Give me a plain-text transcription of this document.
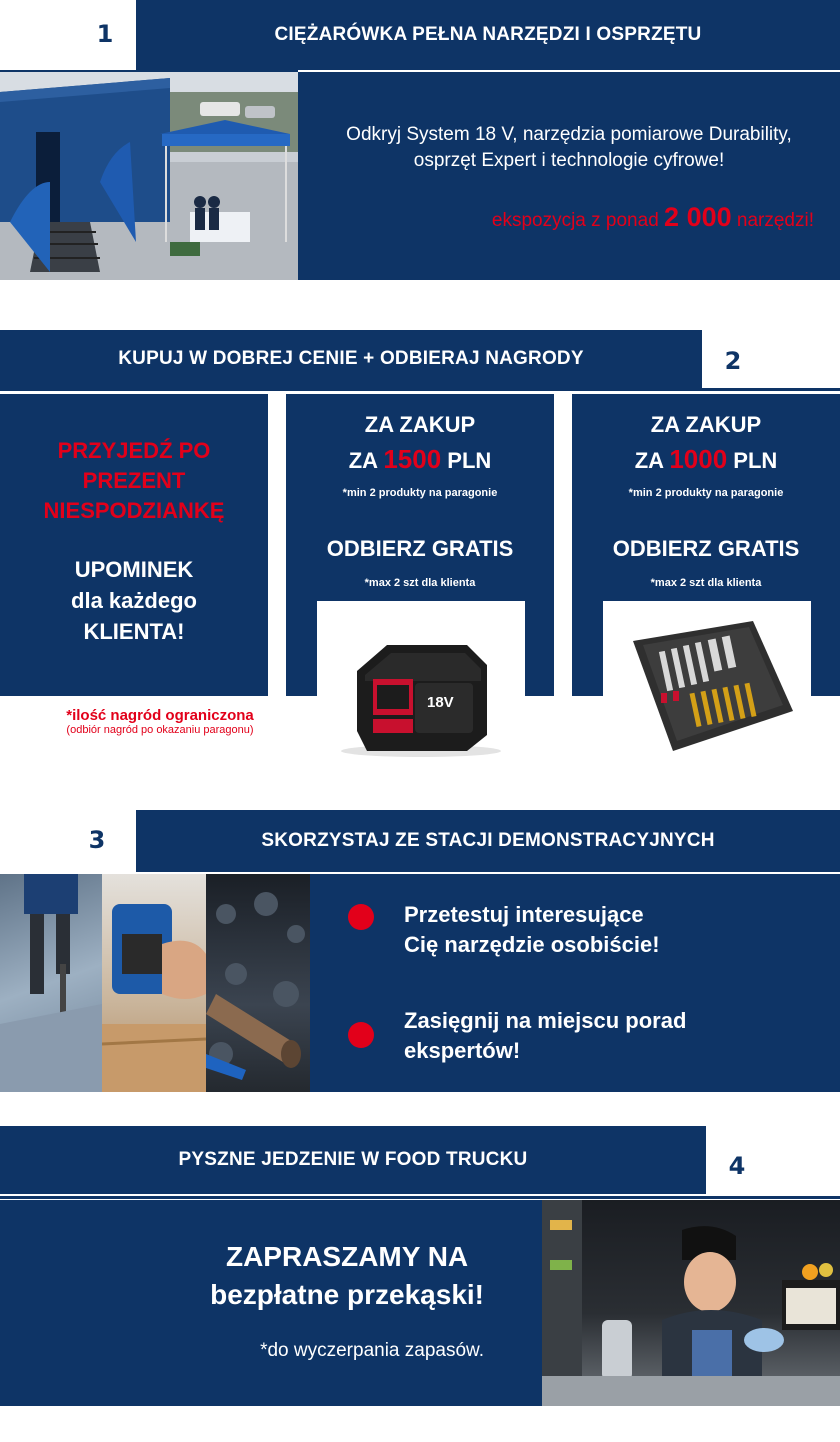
1	CIĘŻARÓWKA PEŁNA NARZĘDZI I OSPRZĘTU
Odkryj System 18 V, narzędzia pomiarowe Durability,
osprzęt Expert i technologie cyfrowe!
ekspozycja z ponad 2 000 narzędzi!
KUPUJ W DOBREJ CENIE + ODBIERAJ NAGRODY	2
PRZYJEDŹ PO
PREZENT
NIESPODZIANKĘ
UPOMINEK
dla każdego
KLIENTA!
*ilość nagród ograniczona
(odbiór nagród po okazaniu paragonu)
ZA ZAKUP
ZA 1500 PLN
*min 2 produkty na paragonie
ODBIERZ GRATIS
*max 2 szt dla klienta
18V
ZA ZAKUP
ZA 1000 PLN
*min 2 produkty na paragonie
ODBIERZ GRATIS
*max 2 szt dla klienta
3	SKORZYSTAJ ZE STACJI DEMONSTRACYJNYCH
Przetestuj interesujące
Cię narzędzie osobiście!
Zasięgnij na miejscu porad
ekspertów!
PYSZNE JEDZENIE W FOOD TRUCKU	4
ZAPRASZAMY NA
bezpłatne przekąski!
*do wyczerpania zapasów.
